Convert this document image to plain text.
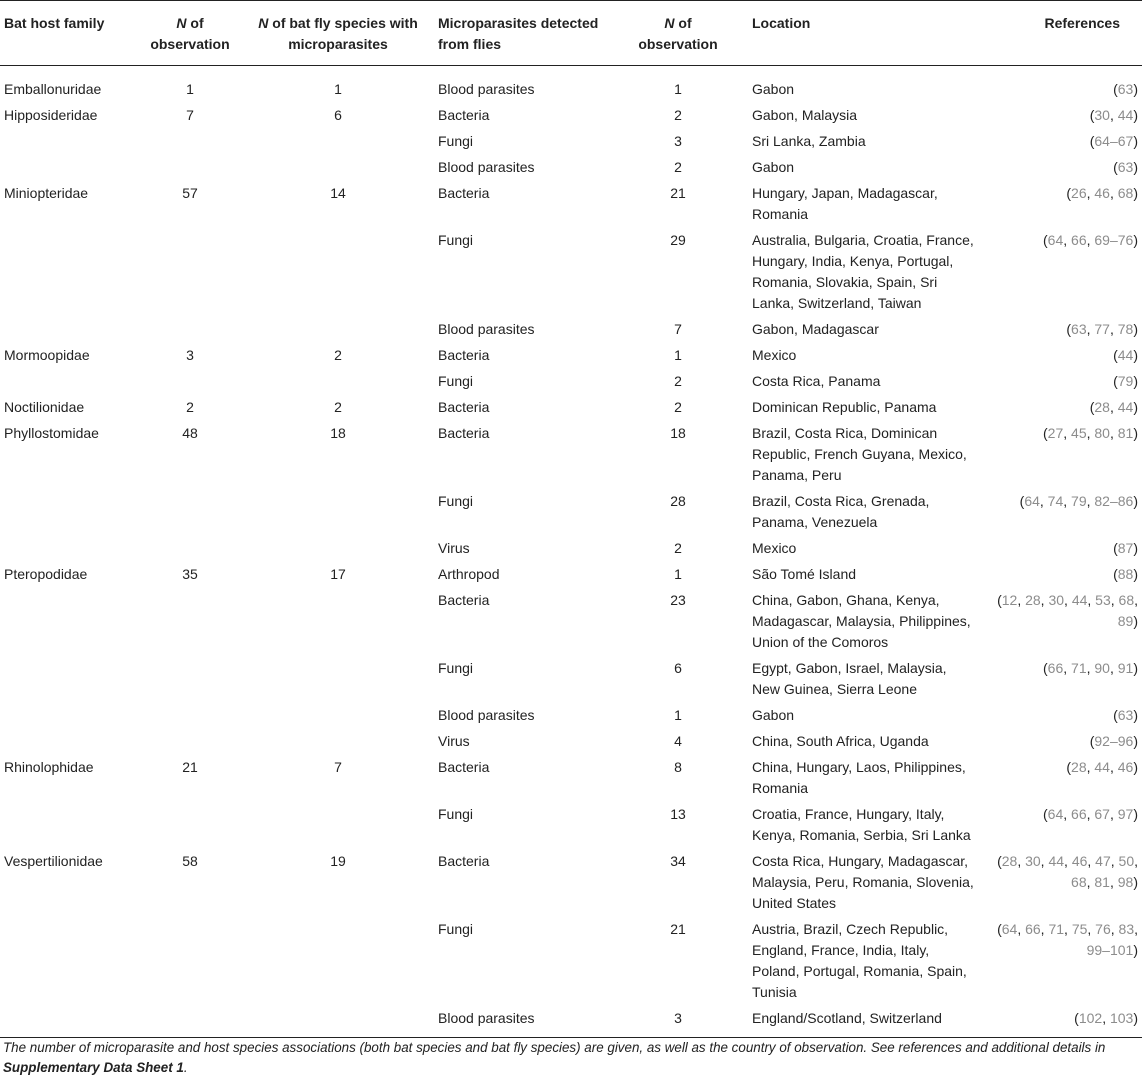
Bat host family	N of observation	N of bat fly species with microparasites	Microparasites detected from flies	N of observation	Location	References
Emballonuridae	1	1	Blood parasites	1	Gabon	(63)
Hipposideridae	7	6	Bacteria	2	Gabon, Malaysia	(30, 44)
			Fungi	3	Sri Lanka, Zambia	(64–67)
			Blood parasites	2	Gabon	(63)
Miniopteridae	57	14	Bacteria	21	Hungary, Japan, Madagascar, Romania	(26, 46, 68)
			Fungi	29	Australia, Bulgaria, Croatia, France, Hungary, India, Kenya, Portugal, Romania, Slovakia, Spain, Sri Lanka, Switzerland, Taiwan	(64, 66, 69–76)
			Blood parasites	7	Gabon, Madagascar	(63, 77, 78)
Mormoopidae	3	2	Bacteria	1	Mexico	(44)
			Fungi	2	Costa Rica, Panama	(79)
Noctilionidae	2	2	Bacteria	2	Dominican Republic, Panama	(28, 44)
Phyllostomidae	48	18	Bacteria	18	Brazil, Costa Rica, Dominican Republic, French Guyana, Mexico, Panama, Peru	(27, 45, 80, 81)
			Fungi	28	Brazil, Costa Rica, Grenada, Panama, Venezuela	(64, 74, 79, 82–86)
			Virus	2	Mexico	(87)
Pteropodidae	35	17	Arthropod	1	São Tomé Island	(88)
			Bacteria	23	China, Gabon, Ghana, Kenya, Madagascar, Malaysia, Philippines, Union of the Comoros	(12, 28, 30, 44, 53, 68, 89)
			Fungi	6	Egypt, Gabon, Israel, Malaysia, New Guinea, Sierra Leone	(66, 71, 90, 91)
			Blood parasites	1	Gabon	(63)
			Virus	4	China, South Africa, Uganda	(92–96)
Rhinolophidae	21	7	Bacteria	8	China, Hungary, Laos, Philippines, Romania	(28, 44, 46)
			Fungi	13	Croatia, France, Hungary, Italy, Kenya, Romania, Serbia, Sri Lanka	(64, 66, 67, 97)
Vespertilionidae	58	19	Bacteria	34	Costa Rica, Hungary, Madagascar, Malaysia, Peru, Romania, Slovenia, United States	(28, 30, 44, 46, 47, 50, 68, 81, 98)
			Fungi	21	Austria, Brazil, Czech Republic, England, France, India, Italy, Poland, Portugal, Romania, Spain, Tunisia	(64, 66, 71, 75, 76, 83, 99–101)
			Blood parasites	3	England/Scotland, Switzerland	(102, 103)
The number of microparasite and host species associations (both bat species and bat fly species) are given, as well as the country of observation. See references and additional details in Supplementary Data Sheet 1.
